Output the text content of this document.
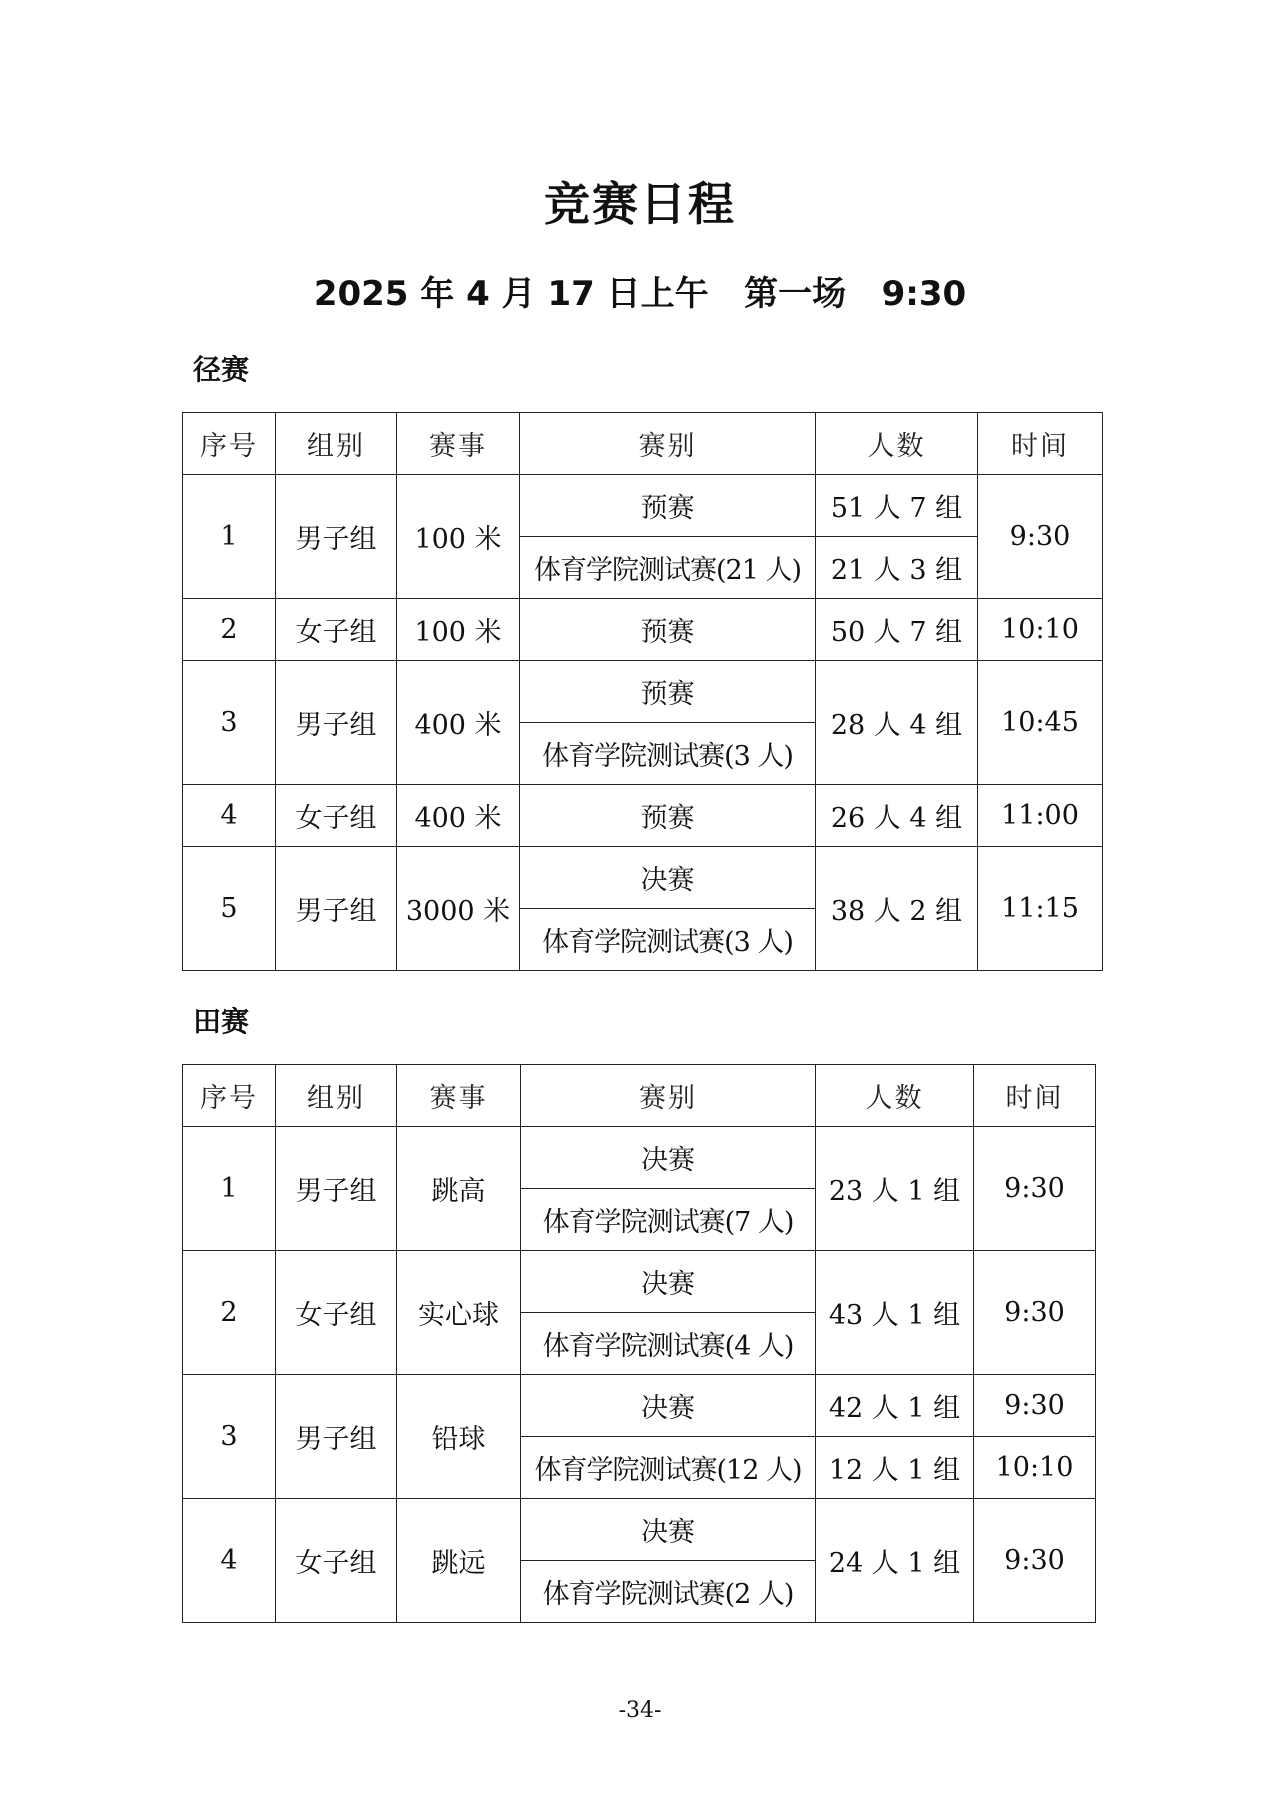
竞赛日程
2025 年 4 月 17 日上午   第一场   9:30
径赛
序号	组别	赛事	赛别	人数	时间
1	男子组	100 米	预赛	51 人 7 组	9:30
			体育学院测试赛(21 人)	21 人 3 组	
2	女子组	100 米	预赛	50 人 7 组	10:10
3	男子组	400 米	预赛	28 人 4 组	10:45
			体育学院测试赛(3 人)		
4	女子组	400 米	预赛	26 人 4 组	11:00
5	男子组	3000 米	决赛	38 人 2 组	11:15
			体育学院测试赛(3 人)		
田赛
序号	组别	赛事	赛别	人数	时间
1	男子组	跳高	决赛	23 人 1 组	9:30
			体育学院测试赛(7 人)		
2	女子组	实心球	决赛	43 人 1 组	9:30
			体育学院测试赛(4 人)		
3	男子组	铅球	决赛	42 人 1 组	9:30
			体育学院测试赛(12 人)	12 人 1 组	10:10
4	女子组	跳远	决赛	24 人 1 组	9:30
			体育学院测试赛(2 人)		
-34-
